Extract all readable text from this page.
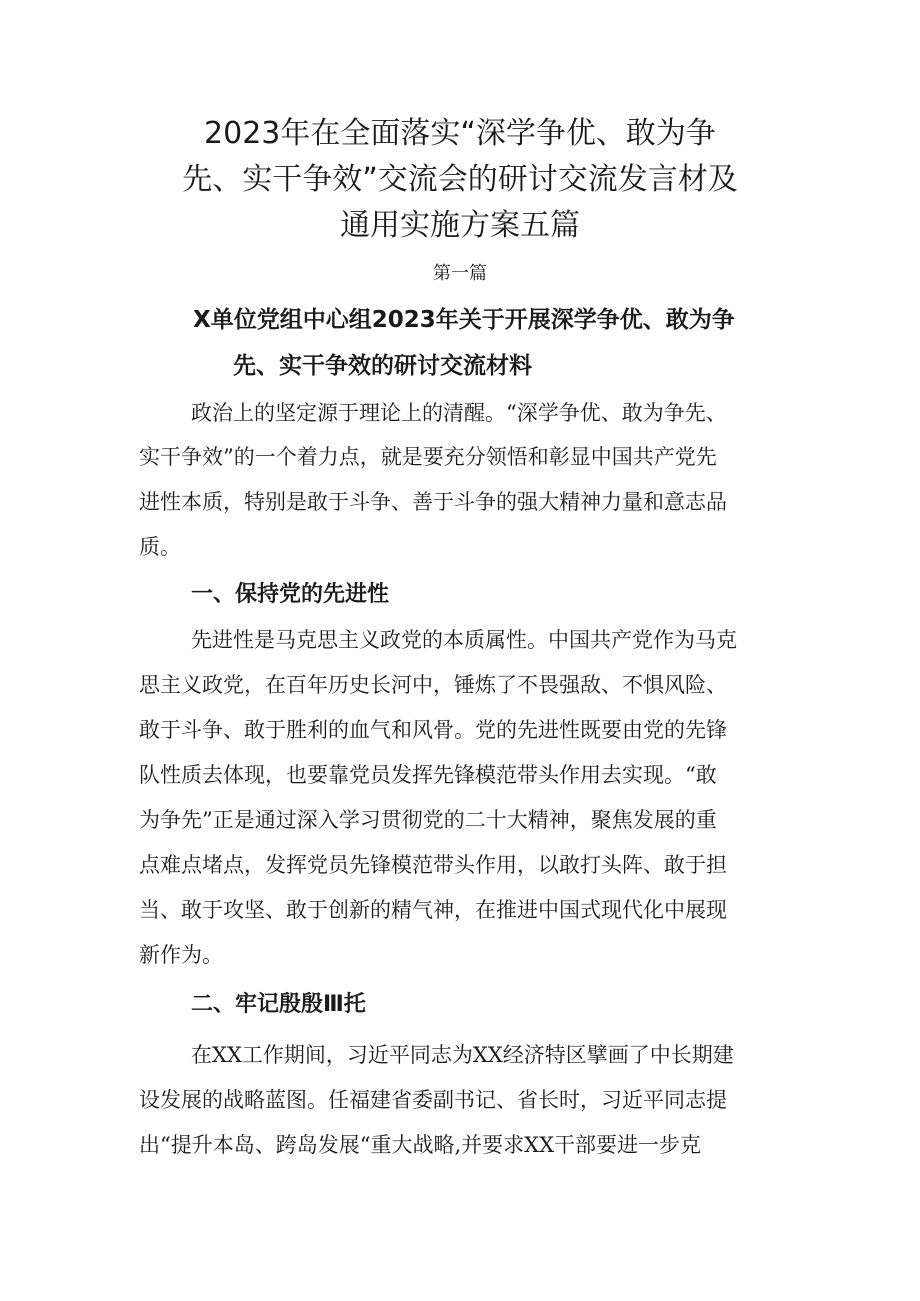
2023年在全面落实“深学争优、敢为争
先、实干争效”交流会的研讨交流发言材及
通用实施方案五篇
第一篇
X单位党组中心组2023年关于开展深学争优、敢为争
先、实干争效的研讨交流材料
政治上的坚定源于理论上的清醒。“深学争优、敢为争先、
实干争效”的一个着力点，就是要充分领悟和彰显中国共产党先
进性本质，特别是敢于斗争、善于斗争的强大精神力量和意志品
质。
一、保持党的先进性
先进性是马克思主义政党的本质属性。中国共产党作为马克
思主义政党，在百年历史长河中，锤炼了不畏强敌、不惧风险、
敢于斗争、敢于胜利的血气和风骨。党的先进性既要由党的先锋
队性质去体现，也要靠党员发挥先锋模范带头作用去实现。“敢
为争先”正是通过深入学习贯彻党的二十大精神，聚焦发展的重
点难点堵点，发挥党员先锋模范带头作用，以敢打头阵、敢于担
当、敢于攻坚、敢于创新的精气神，在推进中国式现代化中展现
新作为。
二、牢记殷殷Ⅲ托
在XX工作期间，习近平同志为XX经济特区擘画了中长期建
设发展的战略蓝图。任福建省委副书记、省长时，习近平同志提
出“提升本岛、跨岛发展“重大战略,并要求XX干部要进一步克
